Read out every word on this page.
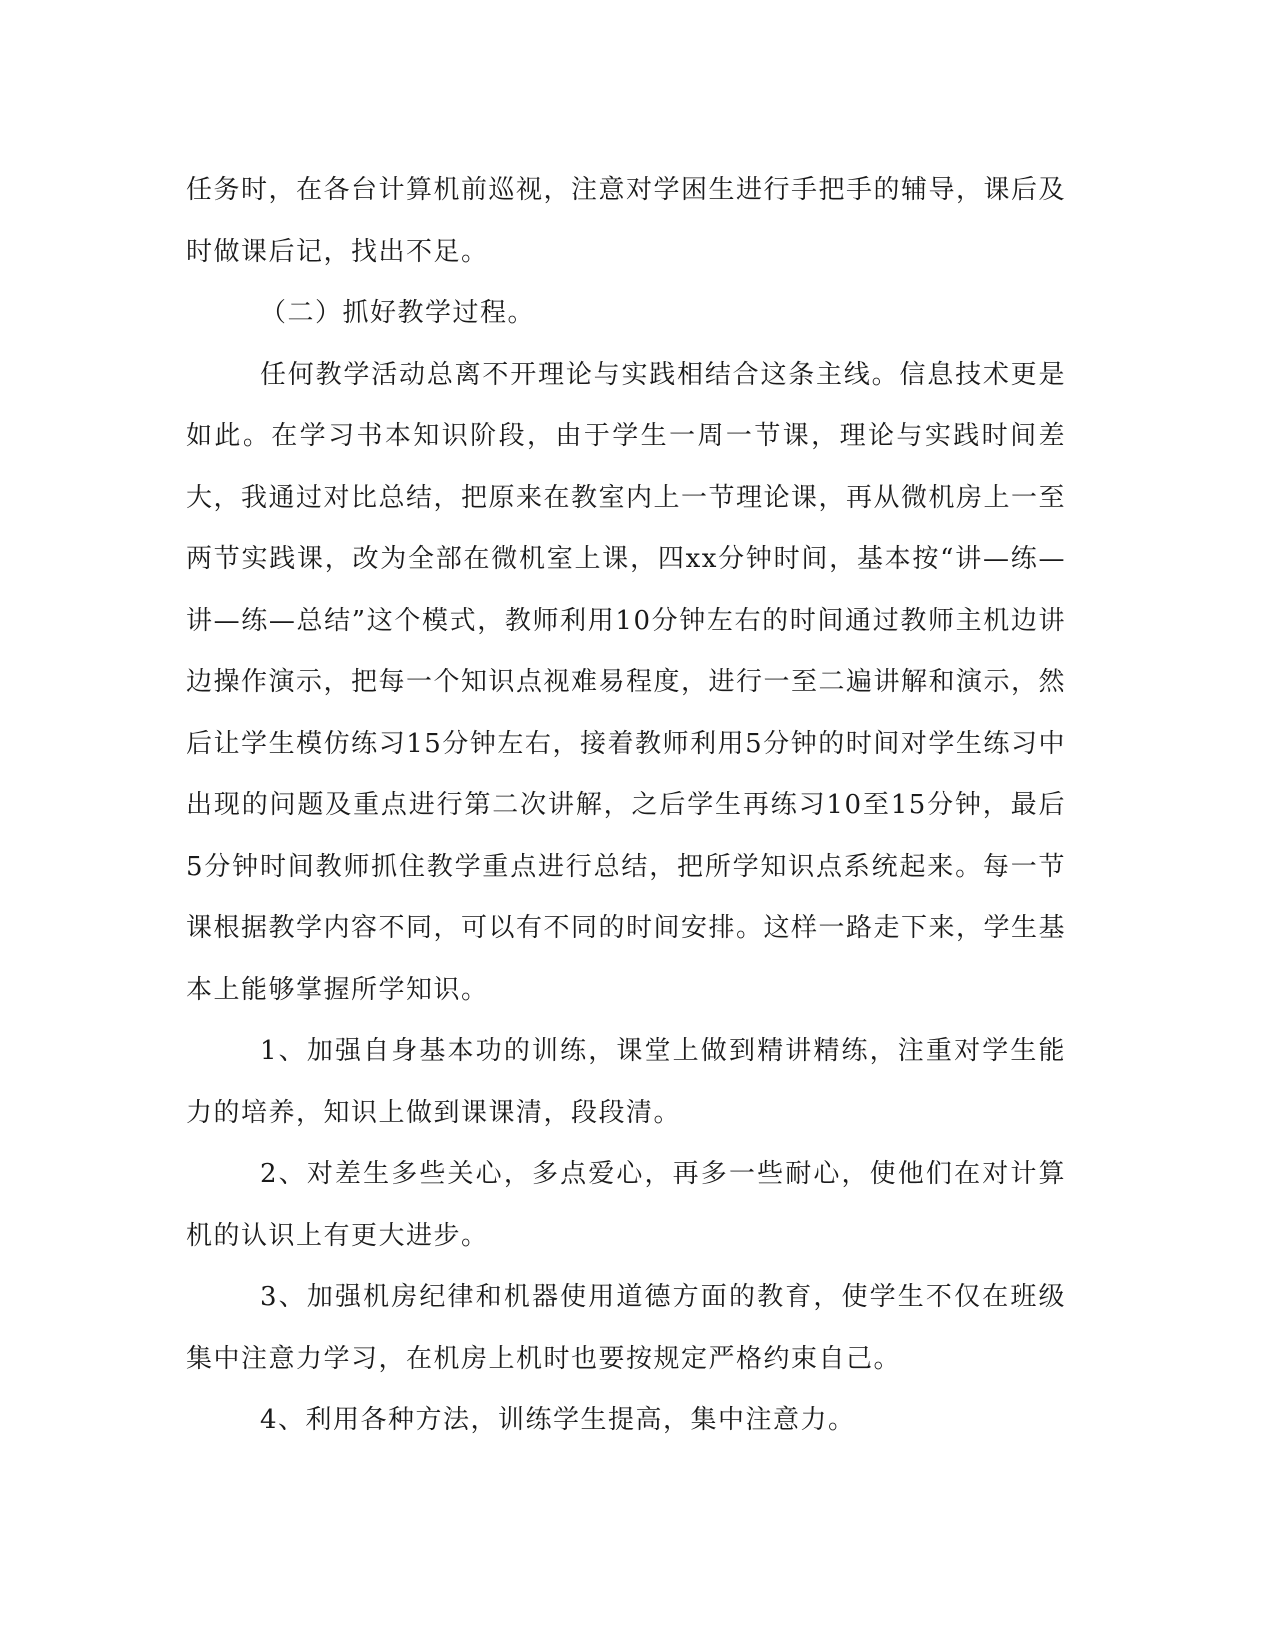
任务时，在各台计算机前巡视，注意对学困生进行手把手的辅导，课后及时做课后记，找出不足。

（二）抓好教学过程。

任何教学活动总离不开理论与实践相结合这条主线。信息技术更是如此。在学习书本知识阶段，由于学生一周一节课，理论与实践时间差大，我通过对比总结，把原来在教室内上一节理论课，再从微机房上一至两节实践课，改为全部在微机室上课，四xx分钟时间，基本按“讲—练—讲—练—总结”这个模式，教师利用10分钟左右的时间通过教师主机边讲边操作演示，把每一个知识点视难易程度，进行一至二遍讲解和演示，然后让学生模仿练习15分钟左右，接着教师利用5分钟的时间对学生练习中出现的问题及重点进行第二次讲解，之后学生再练习10至15分钟，最后5分钟时间教师抓住教学重点进行总结，把所学知识点系统起来。每一节课根据教学内容不同，可以有不同的时间安排。这样一路走下来，学生基本上能够掌握所学知识。

1、加强自身基本功的训练，课堂上做到精讲精练，注重对学生能力的培养，知识上做到课课清，段段清。

2、对差生多些关心，多点爱心，再多一些耐心，使他们在对计算机的认识上有更大进步。

3、加强机房纪律和机器使用道德方面的教育，使学生不仅在班级集中注意力学习，在机房上机时也要按规定严格约束自己。

4、利用各种方法，训练学生提高，集中注意力。
